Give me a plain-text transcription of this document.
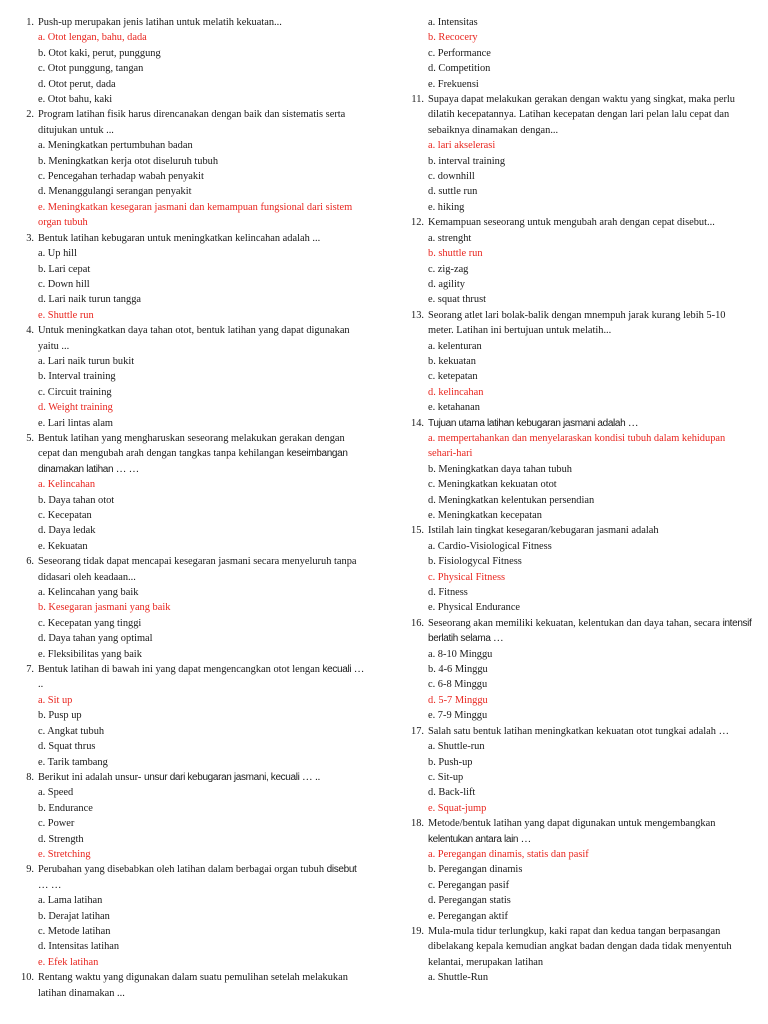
1. Push-up merupakan jenis latihan untuk melatih kekuatan...
a. Otot lengan, bahu, dada
b. Otot kaki, perut, punggung
c. Otot punggung, tangan
d. Otot perut, dada
e. Otot bahu, kaki
2. Program latihan fisik harus direncanakan dengan baik dan sistematis serta ditujukan untuk ...
a. Meningkatkan pertumbuhan badan
b. Meningkatkan kerja otot diseluruh tubuh
c. Pencegahan terhadap wabah penyakit
d. Menanggulangi serangan penyakit
e. Meningkatkan kesegaran jasmani dan kemampuan fungsional dari sistem organ tubuh
3. Bentuk latihan kebugaran untuk meningkatkan kelincahan adalah ...
a. Up hill
b. Lari cepat
c. Down hill
d. Lari naik turun tangga
e. Shuttle run
4. Untuk meningkatkan daya tahan otot, bentuk latihan yang dapat digunakan yaitu ...
a. Lari naik turun bukit
b. Interval training
c. Circuit training
d. Weight training
e. Lari lintas alam
5. Bentuk latihan yang mengharuskan seseorang melakukan gerakan dengan cepat dan mengubah arah dengan tangkas tanpa kehilangan keseimbangan dinamakan latihan … …
a. Kelincahan
b. Daya tahan otot
c. Kecepatan
d. Daya ledak
e. Kekuatan
6. Seseorang tidak dapat mencapai kesegaran jasmani secara menyeluruh tanpa didasari oleh keadaan...
a. Kelincahan yang baik
b. Kesegaran jasmani yang baik
c. Kecepatan yang tinggi
d. Daya tahan yang optimal
e. Fleksibilitas yang baik
7. Bentuk latihan di bawah ini yang dapat mengencangkan otot lengan kecuali … ..
a. Sit up
b. Pusp up
c. Angkat tubuh
d. Squat thrus
e. Tarik tambang
8. Berikut ini adalah unsur- unsur dari kebugaran jasmani, kecuali … ..
a. Speed
b. Endurance
c. Power
d. Strength
e. Stretching
9. Perubahan yang disebabkan oleh latihan dalam berbagai organ tubuh disebut … …
a. Lama latihan
b. Derajat latihan
c. Metode latihan
d. Intensitas latihan
e. Efek latihan
10. Rentang waktu yang digunakan dalam suatu pemulihan setelah melakukan latihan dinamakan ...
a. Intensitas
b. Recocery
c. Performance
d. Competition
e. Frekuensi
11. Supaya dapat melakukan gerakan dengan waktu yang singkat, maka perlu dilatih kecepatannya. Latihan kecepatan dengan lari pelan lalu cepat dan sebaiknya dinamakan dengan...
a. lari akselerasi
b. interval training
c. downhill
d. suttle run
e. hiking
12. Kemampuan seseorang untuk mengubah arah dengan cepat disebut...
a. strenght
b. shuttle run
c. zig-zag
d. agility
e. squat thrust
13. Seorang atlet lari bolak-balik dengan mnempuh jarak kurang lebih 5-10 meter. Latihan ini bertujuan untuk melatih...
a. kelenturan
b. kekuatan
c. ketepatan
d. kelincahan
e. ketahanan
14. Tujuan utama latihan kebugaran jasmani adalah …
a. mempertahankan dan menyelaraskan kondisi tubuh dalam kehidupan sehari-hari
b. Meningkatkan daya tahan tubuh
c. Meningkatkan kekuatan otot
d. Meningkatkan kelentukan persendian
e. Meningkatkan kecepatan
15. Istilah lain tingkat kesegaran/kebugaran jasmani adalah
a. Cardio-Visiological Fitness
b. Fisiologycal Fitness
c. Physical Fitness
d. Fitness
e. Physical Endurance
16. Seseorang akan memiliki kekuatan, kelentukan dan daya tahan, secara intensif berlatih selama …
a. 8-10 Minggu
b. 4-6 Minggu
c. 6-8 Minggu
d. 5-7 Minggu
e. 7-9 Minggu
17. Salah satu bentuk latihan meningkatkan kekuatan otot tungkai adalah …
a. Shuttle-run
b. Push-up
c. Sit-up
d. Back-lift
e. Squat-jump
18. Metode/bentuk latihan yang dapat digunakan untuk mengembangkan kelentukan antara lain …
a. Peregangan dinamis, statis dan pasif
b. Peregangan dinamis
c. Peregangan pasif
d. Peregangan statis
e. Peregangan aktif
19. Mula-mula tidur terlungkup, kaki rapat dan kedua tangan berpasangan dibelakang kepala kemudian angkat badan dengan dada tidak menyentuh kelantai, merupakan latihan
a. Shuttle-Run
